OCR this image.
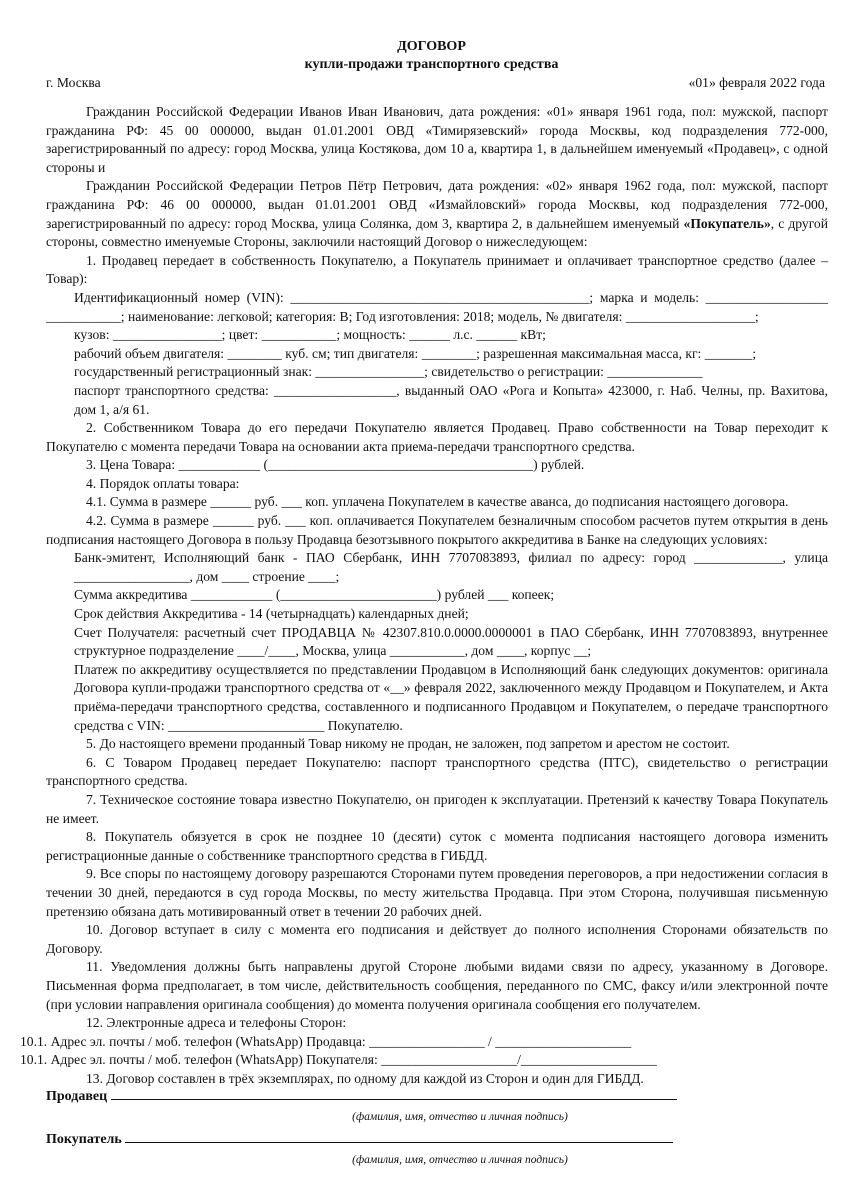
ДОГОВОР
купли-продажи транспортного средства
г. Москва	«01» февраля 2022 года

Гражданин Российской Федерации Иванов Иван Иванович, дата рождения: «01» января 1961 года, пол: мужской, паспорт гражданина РФ: 45 00 000000, выдан 01.01.2001 ОВД «Тимирязевский» города Москвы, код подразделения 772-000, зарегистрированный по адресу: город Москва, улица Костякова, дом 10 а, квартира 1, в дальнейшем именуемый «Продавец», с одной стороны и

Гражданин Российской Федерации Петров Пётр Петрович, дата рождения: «02» января 1962 года, пол: мужской, паспорт гражданина РФ: 46 00 000000, выдан 01.01.2001 ОВД «Измайловский» города Москвы, код подразделения 772-000, зарегистрированный по адресу: город Москва, улица Солянка, дом 3, квартира 2, в дальнейшем именуемый «Покупатель», с другой стороны, совместно именуемые Стороны, заключили настоящий Договор о нижеследующем:

1. Продавец передает в собственность Покупателю, а Покупатель принимает и оплачивает транспортное средство (далее – Товар):

Идентификационный номер (VIN): ____________________________________________; марка и модель: __________________

___________; наименование: легковой; категория: В; Год изготовления: 2018; модель, № двигателя: ___________________;

кузов: ________________; цвет: ___________; мощность: ______ л.с. ______ кВт;

рабочий объем двигателя: ________ куб. см; тип двигателя: ________; разрешенная максимальная масса, кг: _______;

государственный регистрационный знак: ________________; свидетельство о регистрации: ______________

паспорт транспортного средства: __________________, выданный ОАО «Рога и Копыта» 423000, г. Наб. Челны, пр. Вахитова, дом 1, а/я 61.

2. Собственником Товара до его передачи Покупателю является Продавец. Право собственности на Товар переходит к Покупателю с момента передачи Товара на основании акта приема-передачи транспортного средства.

3. Цена Товара: ____________ (_______________________________________) рублей.

4. Порядок оплаты товара:

4.1. Сумма в размере ______ руб. ___ коп. уплачена Покупателем в качестве аванса, до подписания настоящего договора.

4.2. Сумма в размере ______ руб. ___ коп. оплачивается Покупателем безналичным способом расчетов путем открытия в день подписания настоящего Договора в пользу Продавца безотзывного покрытого аккредитива в Банке на следующих условиях:

Банк-эмитент, Исполняющий банк - ПАО Сбербанк, ИНН 7707083893, филиал по адресу: город _____________, улица

_________________, дом ____ строение ____;

Сумма аккредитива ____________ (_______________________) рублей ___ копеек;

Срок действия Аккредитива - 14 (четырнадцать) календарных дней;

Счет Получателя: расчетный счет ПРОДАВЦА № 42307.810.0.0000.0000001 в ПАО Сбербанк, ИНН 7707083893, внутреннее структурное подразделение ____/____, Москва, улица ___________, дом ____, корпус __;

Платеж по аккредитиву осуществляется по представлении Продавцом в Исполняющий банк следующих документов: оригинала Договора купли-продажи транспортного средства от «__» февраля 2022, заключенного между Продавцом и Покупателем, и Акта приёма-передачи транспортного средства, составленного и подписанного Продавцом и Покупателем, о передаче транспортного средства с VIN: _______________________ Покупателю.

5. До настоящего времени проданный Товар никому не продан, не заложен, под запретом и арестом не состоит.

6. С Товаром Продавец передает Покупателю: паспорт транспортного средства (ПТС), свидетельство о регистрации транспортного средства.

7. Техническое состояние товара известно Покупателю, он пригоден к эксплуатации. Претензий к качеству Товара Покупатель не имеет.

8. Покупатель обязуется в срок не позднее 10 (десяти) суток с момента подписания настоящего договора изменить регистрационные данные о собственнике транспортного средства в ГИБДД.

9. Все споры по настоящему договору разрешаются Сторонами путем проведения переговоров, а при недостижении согласия в течении 30 дней, передаются в суд города Москвы, по месту жительства Продавца. При этом Сторона, получившая письменную претензию обязана дать мотивированный ответ в течении 20 рабочих дней.

10. Договор вступает в силу с момента его подписания и действует до полного исполнения Сторонами обязательств по Договору.

11. Уведомления должны быть направлены другой Стороне любыми видами связи по адресу, указанному в Договоре. Письменная форма предполагает, в том числе, действительность сообщения, переданного по СМС, факсу и/или электронной почте (при условии направления оригинала сообщения) до момента получения оригинала сообщения его получателем.

12. Электронные адреса и телефоны Сторон:

10.1. Адрес эл. почты / моб. телефон (WhatsApp) Продавца: _________________ / ____________________

10.1. Адрес эл. почты / моб. телефон (WhatsApp) Покупателя: ____________________/____________________

13. Договор составлен в трёх экземплярах, по одному для каждой из Сторон и один для ГИБДД.

Продавец
(фамилия, имя, отчество и личная подпись)
Покупатель
(фамилия, имя, отчество и личная подпись)
